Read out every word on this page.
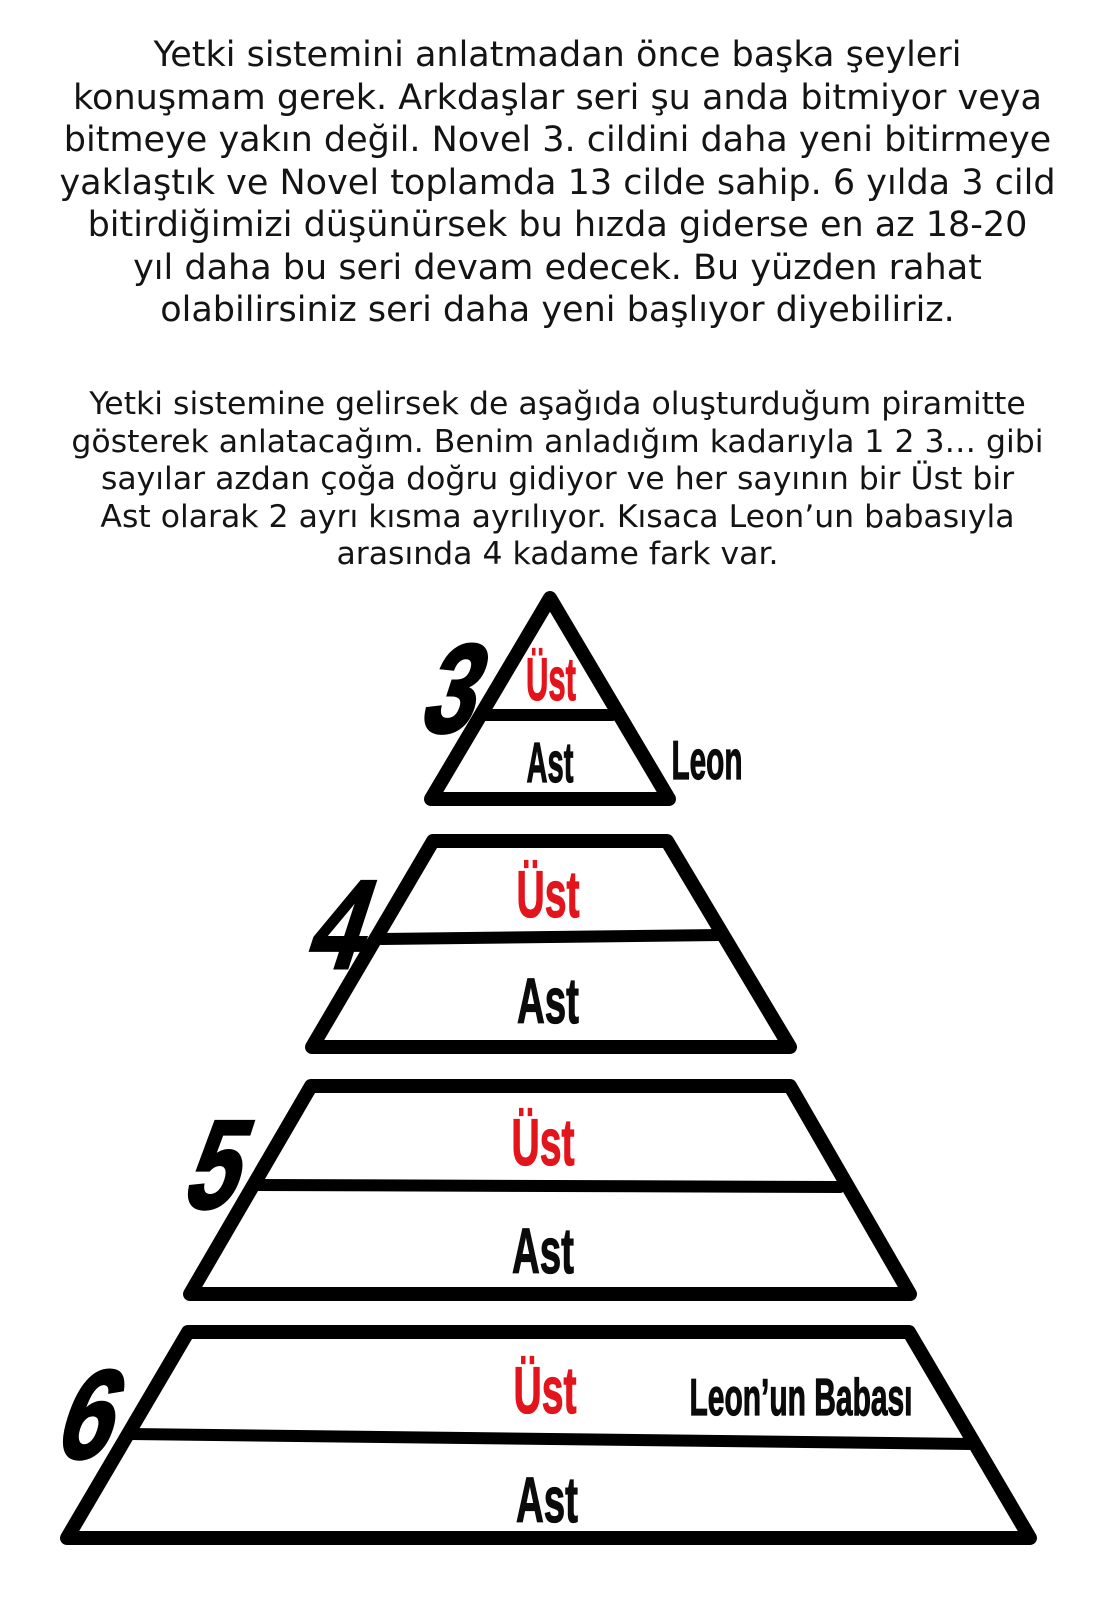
Yetki sistemini anlatmadan önce başka şeyleri
konuşmam gerek. Arkdaşlar seri şu anda bitmiyor veya
bitmeye yakın değil. Novel 3. cildini daha yeni bitirmeye
yaklaştık ve Novel toplamda 13 cilde sahip. 6 yılda 3 cild
bitirdiğimizi düşünürsek bu hızda giderse en az 18-20
yıl daha bu seri devam edecek. Bu yüzden rahat
olabilirsiniz seri daha yeni başlıyor diyebiliriz.
Yetki sistemine gelirsek de aşağıda oluşturduğum piramitte
gösterek anlatacağım. Benim anladığım kadarıyla 1 2 3… gibi
sayılar azdan çoğa doğru gidiyor ve her sayının bir Üst bir
Ast olarak 2 ayrı kısma ayrılıyor. Kısaca Leon’un babasıyla
arasında 4 kadame fark var.
3 Üst
Ast Leon
4 Üst
Ast
5	Üst
Ast
6	Üst
Ast
Leon’un Babası
